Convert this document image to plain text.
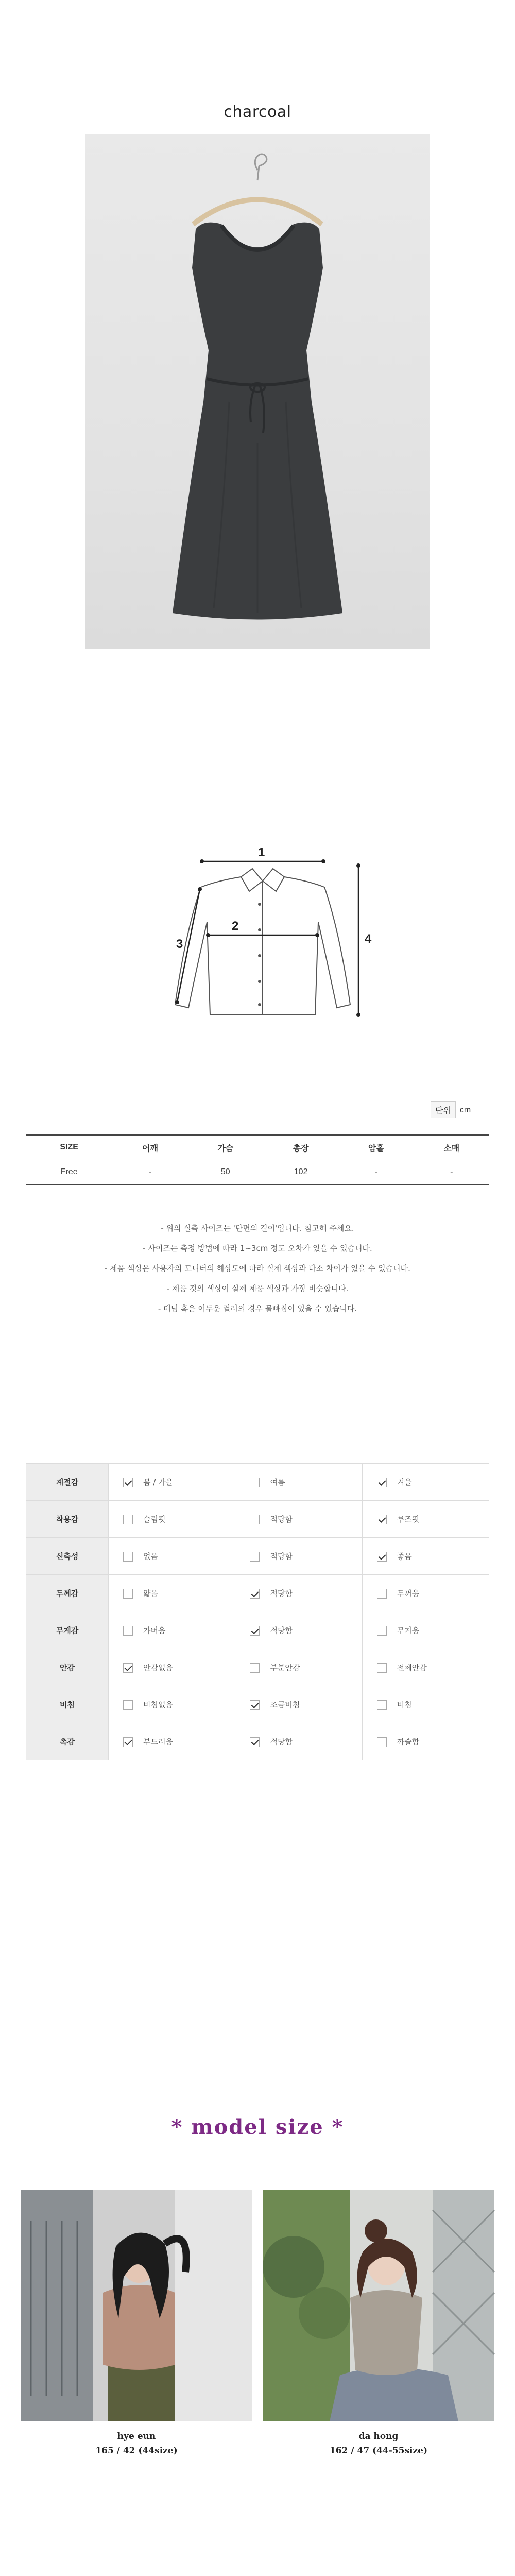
charcoal
1
2
3	4
단위	cm
SIZE	어깨	가슴	총장	암홀	소매
Free	-	50	102	-	-
- 위의 실측 사이즈는 '단면의 길이'입니다. 참고해 주세요.
- 사이즈는 측정 방법에 따라 1~3cm 정도 오차가 있을 수 있습니다.
- 제품 색상은 사용자의 모니터의 해상도에 따라 실제 색상과 다소 차이가 있을 수 있습니다.
- 제품 컷의 색상이 실제 제품 색상과 가장 비슷합니다.
- 데님 혹은 어두운 컬러의 경우 물빠짐이 있을 수 있습니다.
계절감	봄 / 가을	여름	겨울
착용감	슬림핏	적당함	루즈핏
신축성	없음	적당함	좋음
두께감	얇음	적당함	두꺼움
무게감	가벼움	적당함	무거움
안감	안감없음	부분안감	전체안감
비침	비침없음	조금비침	비침
촉감	부드러움	적당함	까슬함
* model size *
hye eun
165 / 42 (44size)
da hong
162 / 47 (44-55size)
